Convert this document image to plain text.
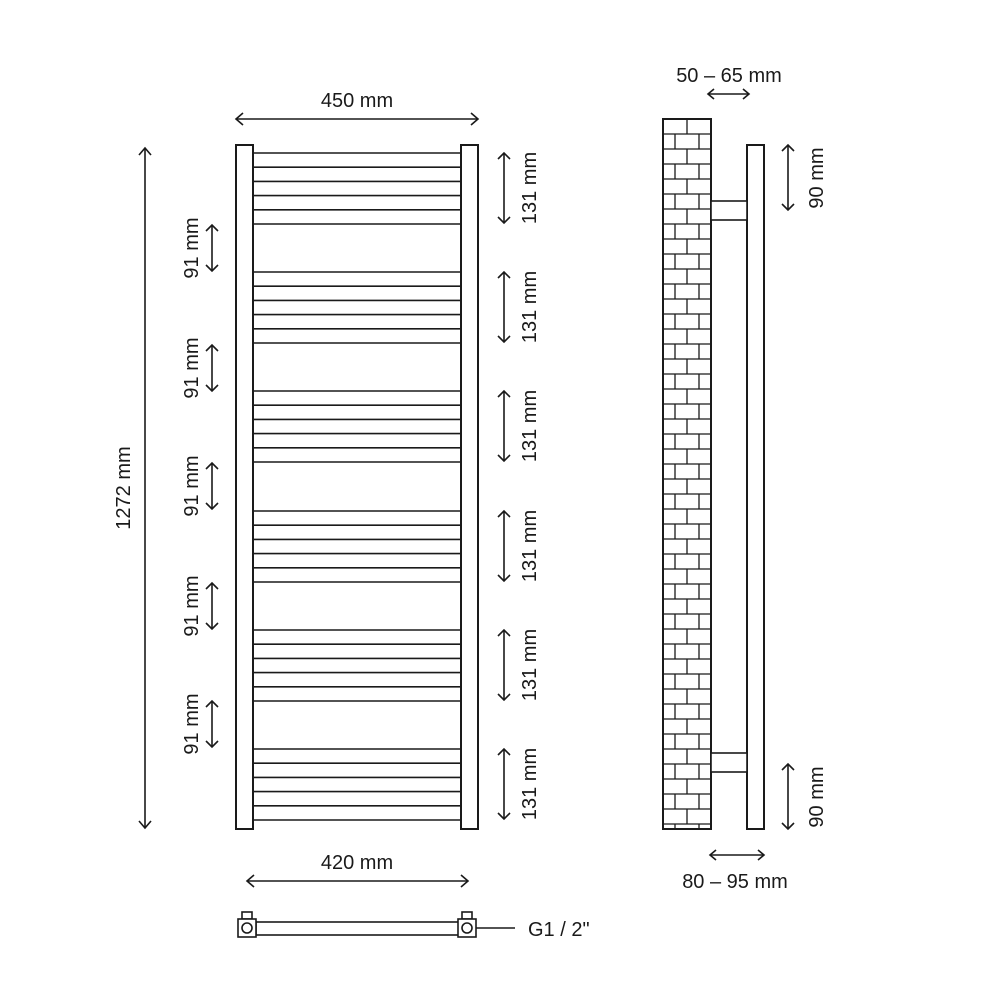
450 mm
1272 mm
420 mm
91 mm
91 mm
91 mm
91 mm
91 mm
131 mm
131 mm
131 mm
131 mm
131 mm
131 mm
G1 / 2"
50 – 65 mm
80 – 95 mm
90 mm
90 mm
